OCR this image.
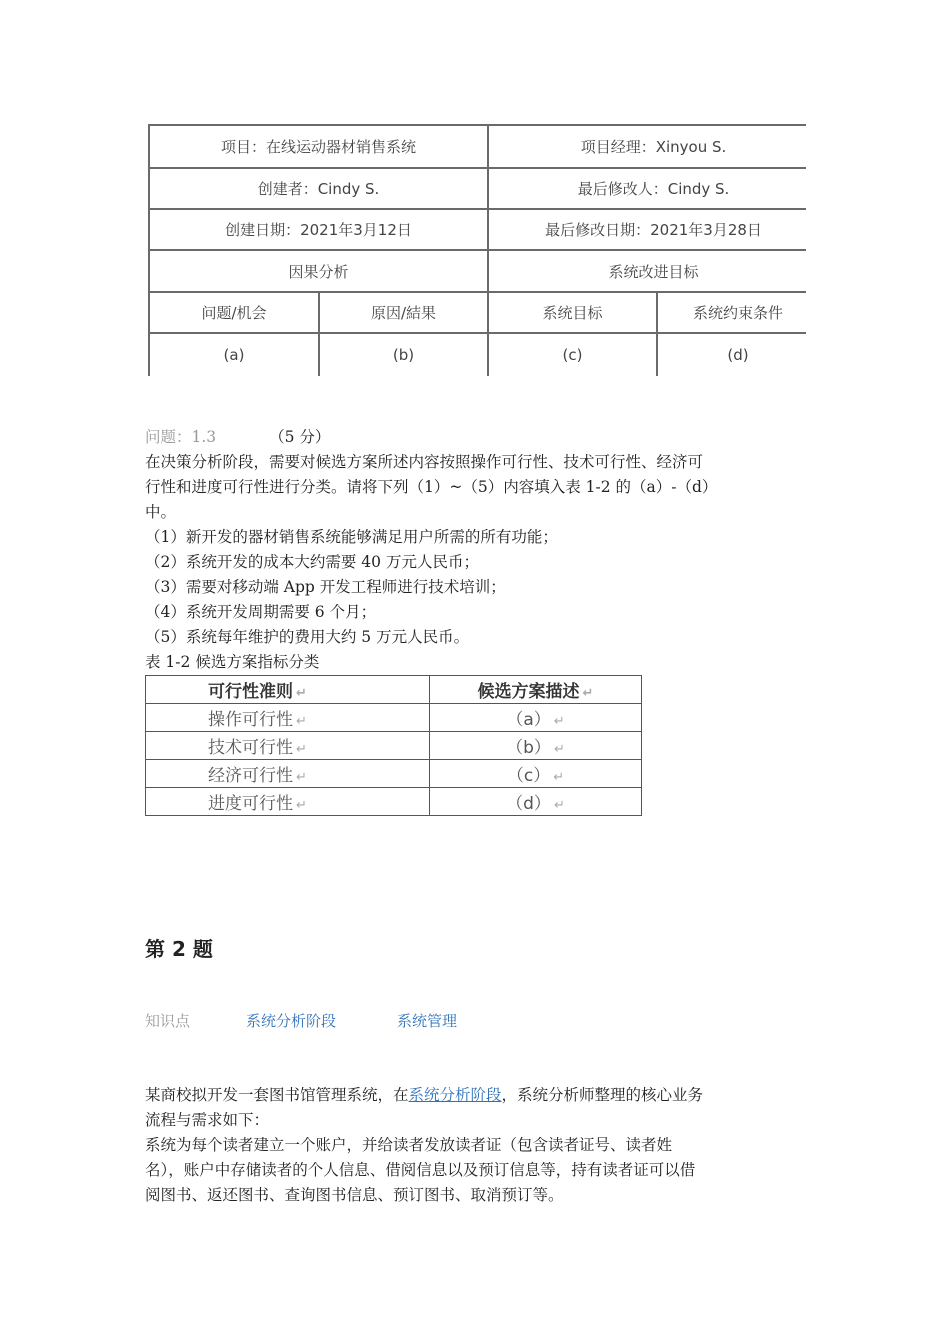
项目：在线运动器材销售系统		项目经理：Xinyou S.	
创建者：Cindy S.		最后修改人：Cindy S.	
创建日期：2021年3月12日		最后修改日期：2021年3月28日	
因果分析		系统改进目标	
问题/机会	原因/結果	系统目标	系统约束条件
(a)	(b)	(c)	(d)
问题：1.3	（5 分）
在决策分析阶段，需要对候选方案所述内容按照操作可行性、技术可行性、经济可
行性和进度可行性进行分类。请将下列（1）~（5）内容填入表 1-2 的（a）-（d）
中。
（1）新开发的器材销售系统能够满足用户所需的所有功能；
（2）系统开发的成本大约需要 40 万元人民币；
（3）需要对移动端 App 开发工程师进行技术培训；
（4）系统开发周期需要 6 个月；
（5）系统每年维护的费用大约 5 万元人民币。
表 1-2 候选方案指标分类
可行性准则 ↵	候选方案描述 ↵
操作可行性 ↵	（a） ↵
技术可行性 ↵	（b） ↵
经济可行性 ↵	（c） ↵
进度可行性 ↵	（d） ↵
第 2 题
知识点	系统分析阶段	系统管理
某商校拟开发一套图书馆管理系统，在系统分析阶段，系统分析师整理的核心业务
流程与需求如下：
系统为每个读者建立一个账户，并给读者发放读者证（包含读者证号、读者姓
名），账户中存储读者的个人信息、借阅信息以及预订信息等，持有读者证可以借
阅图书、返还图书、查询图书信息、预订图书、取消预订等。
